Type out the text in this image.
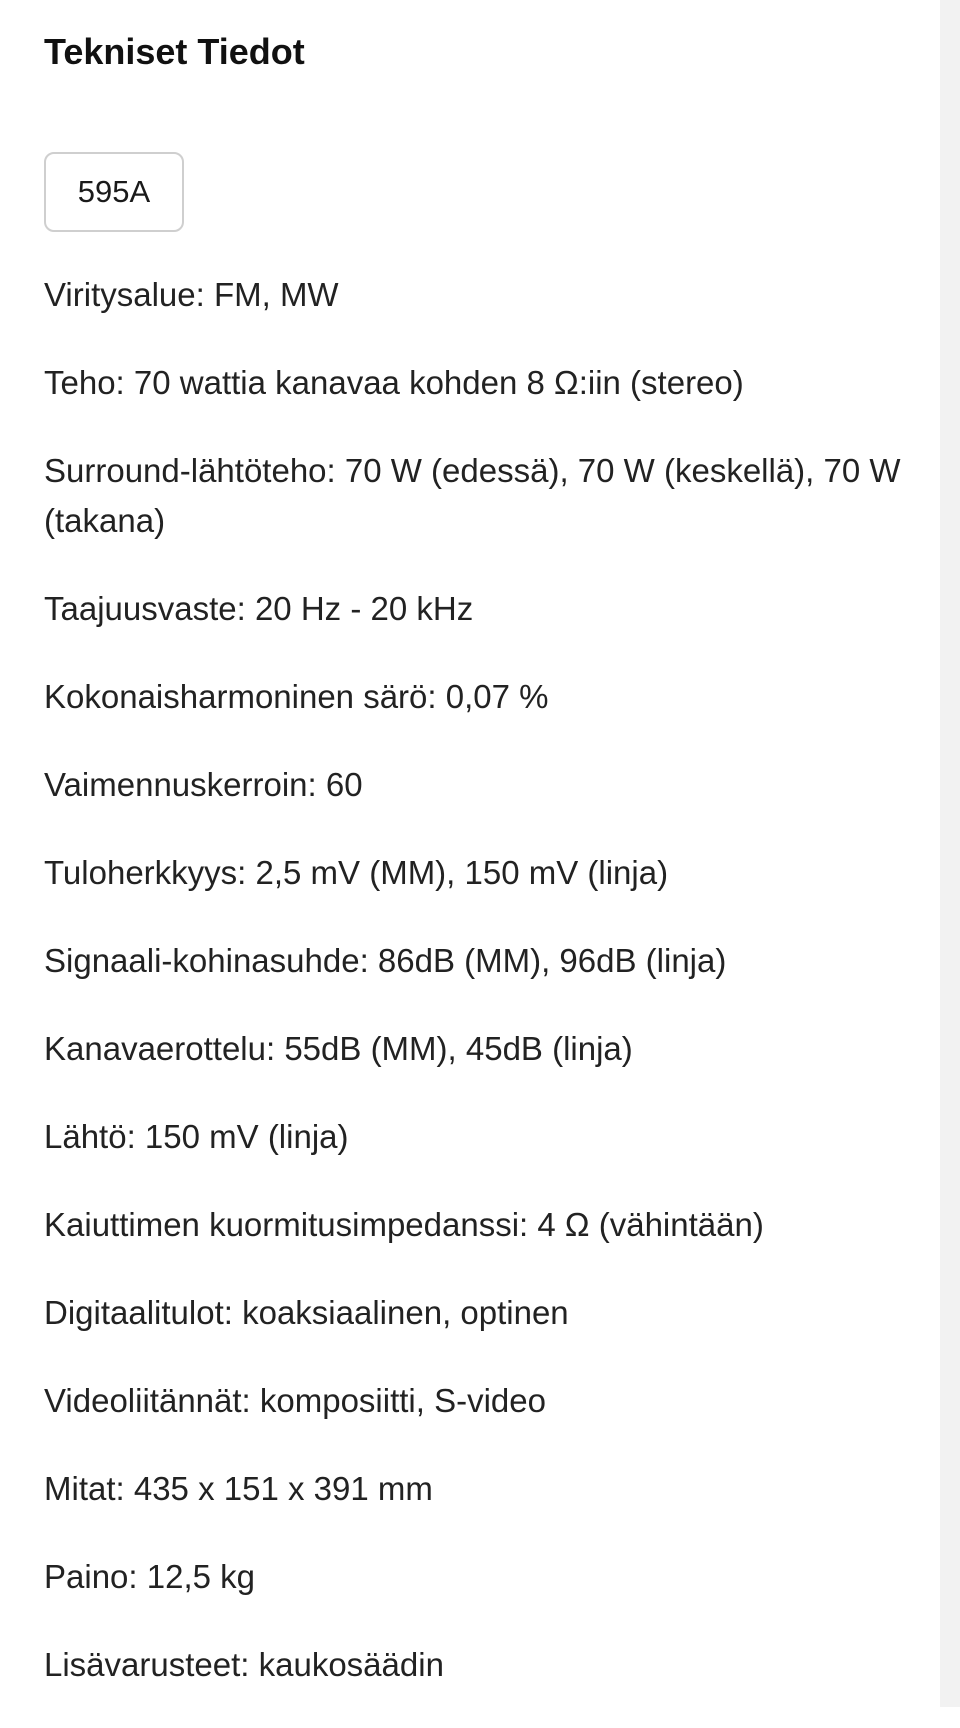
Tekniset Tiedot
595A
Viritysalue: FM, MW
Teho: 70 wattia kanavaa kohden 8 Ω:iin (stereo)
Surround-lähtöteho: 70 W (edessä), 70 W (keskellä), 70 W (takana)
Taajuusvaste: 20 Hz - 20 kHz
Kokonaisharmoninen särö: 0,07 %
Vaimennuskerroin: 60
Tuloherkkyys: 2,5 mV (MM), 150 mV (linja)
Signaali-kohinasuhde: 86dB (MM), 96dB (linja)
Kanavaerottelu: 55dB (MM), 45dB (linja)
Lähtö: 150 mV (linja)
Kaiuttimen kuormitusimpedanssi: 4 Ω (vähintään)
Digitaalitulot: koaksiaalinen, optinen
Videoliitännät: komposiitti, S-video
Mitat: 435 x 151 x 391 mm
Paino: 12,5 kg
Lisävarusteet: kaukosäädin
